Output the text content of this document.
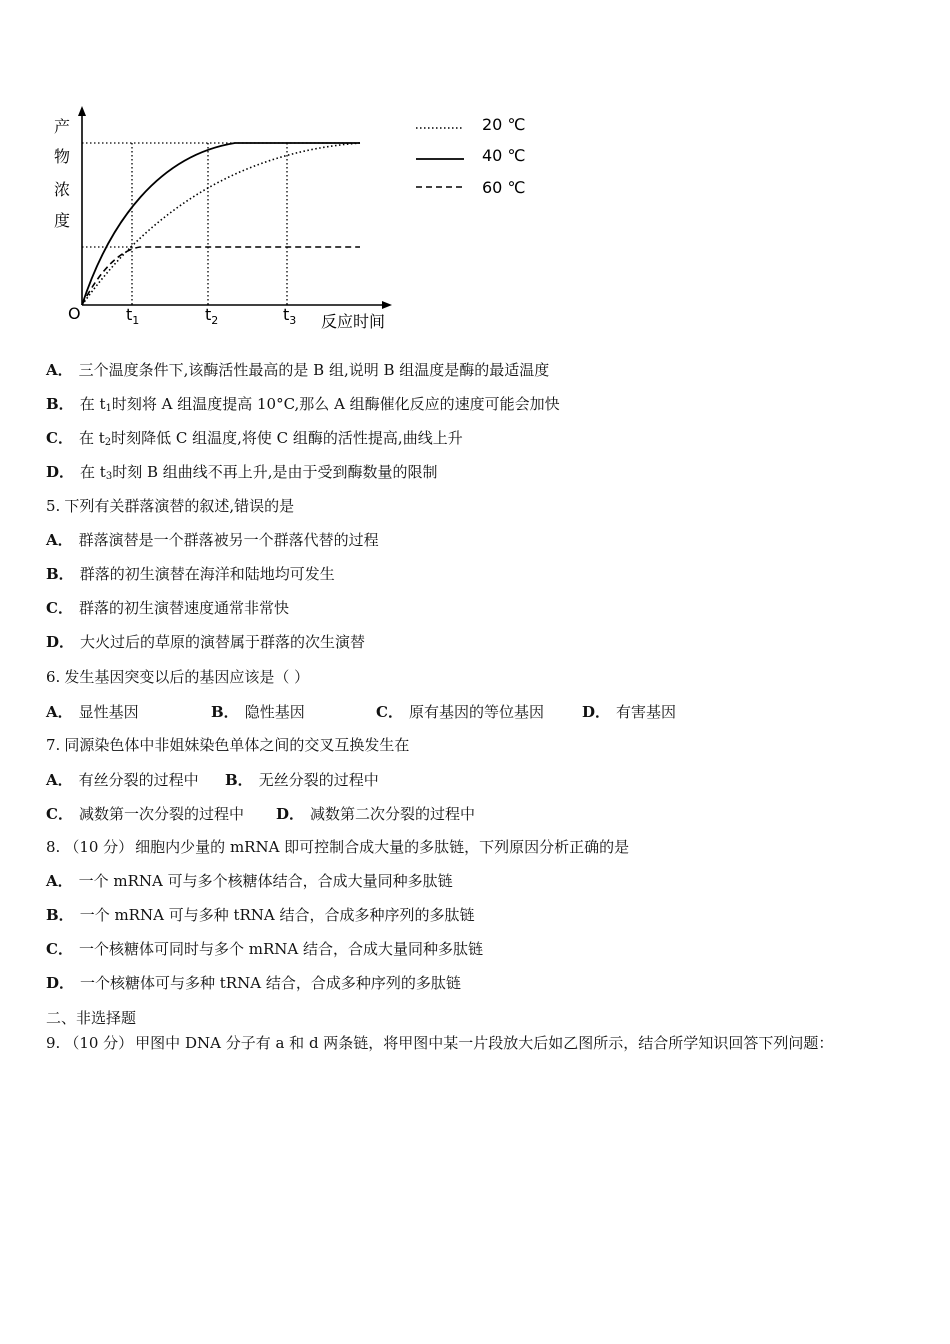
产
物
浓
度
O	$t_1$	$t_2$	$t_3$ 反应时间
20 ℃
40 ℃
60 ℃
A． 三个温度条件下,该酶活性最高的是 B 组,说明 B 组温度是酶的最适温度
B． 在 $t_1$时刻将 A 组温度提高 10°C,那么 A 组酶催化反应的速度可能会加快
C． 在 $t_2$时刻降低 C 组温度,将使 C 组酶的活性提高,曲线上升
D． 在 $t_3$时刻 B 组曲线不再上升,是由于受到酶数量的限制
5. 下列有关群落演替的叙述,错误的是
A． 群落演替是一个群落被另一个群落代替的过程
B． 群落的初生演替在海洋和陆地均可发生
C． 群落的初生演替速度通常非常快
D． 大火过后的草原的演替属于群落的次生演替
6. 发生基因突变以后的基因应该是（ ）
A． 显性基因	B． 隐性基因	C． 原有基因的等位基因	D． 有害基因
7. 同源染色体中非姐妹染色单体之间的交叉互换发生在
A． 有丝分裂的过程中 B． 无丝分裂的过程中
C． 减数第一次分裂的过程中 D． 减数第二次分裂的过程中
8. （10 分） 细胞内少量的 mRNA 即可控制合成大量的多肽链，下列原因分析正确的是
A． 一个 mRNA 可与多个核糖体结合，合成大量同种多肽链
B． 一个 mRNA 可与多种 tRNA 结合，合成多种序列的多肽链
C． 一个核糖体可同时与多个 mRNA 结合，合成大量同种多肽链
D． 一个核糖体可与多种 tRNA 结合，合成多种序列的多肽链
二、非选择题
9. （10 分） 甲图中 DNA 分子有 a 和 d 两条链，将甲图中某一片段放大后如乙图所示，结合所学知识回答下列问题：
